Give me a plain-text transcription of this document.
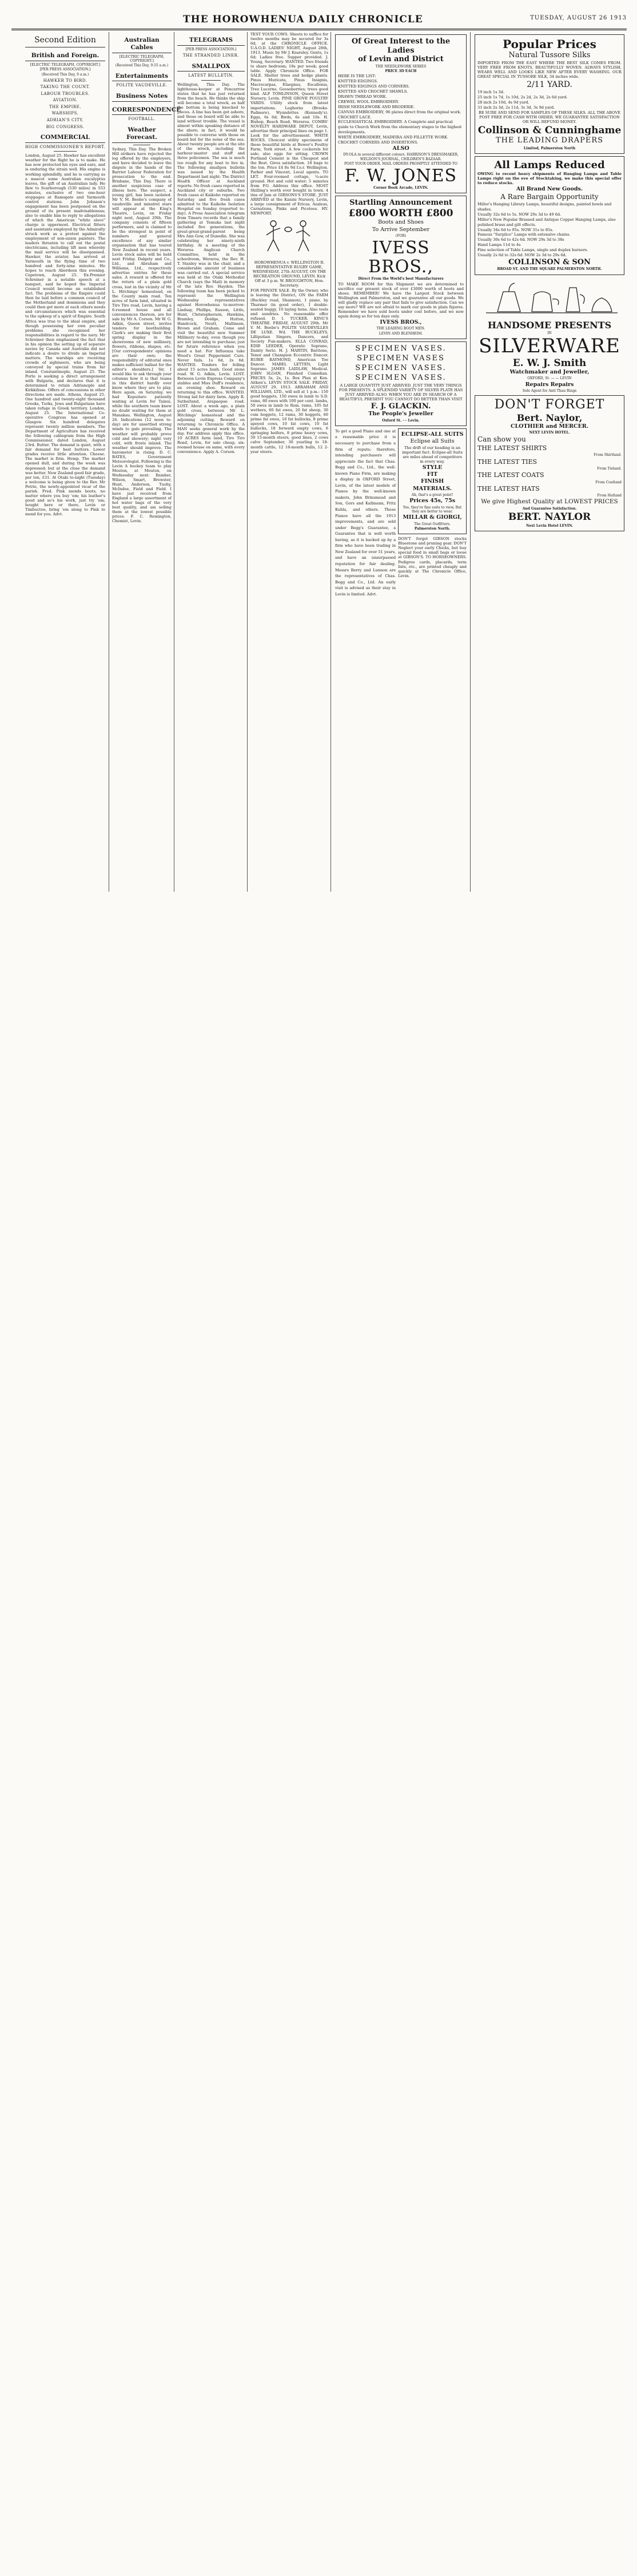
THE HOROWHENUA DAILY CHRONICLE	TUESDAY, AUGUST 26 1913
Second Edition
British and Foreign.
[ELECTRIC TELEGRAPH, COPYRIGHT.]
[PER PRESS ASSOCIATION.]
(Received This Day, 9 a.m.)
HAWKER TO BIRD.
TAKING THE COUNT.
LABOUR TROUBLES.
AVIATION.
THE EMPIRE.
WARSHIPS.
ADRIAN'S CITY.
BIG CONGRESS.
COMMERCIAL
HIGH COMMISSIONER'S REPORT.

London, August 25. Hawker has excellent weather for the flight he is to make. He has now protected his eyes and ears, and is enduring the strain well. His engine is working splendidly, and he is carrying as a mascot some Australian eucalyptus leaves, the gift of an Australian lady. He flew to Scarborough (530 miles) in 553 minutes, exclusive of two one-hour stoppages at Ramsgate and Yarmouth control stations. John Johnson's engagement has been postponed on the ground of its present inadvisableness; also to enable him to reply to allegations of which the American "white slave" charge is uppermost. Electrical fitters and assistants employed by the Admiralty struck work as a protest against the employment of non-union painters. The leaders threaten to call out the postal electricians, including lift men whereby the mail service will be disorganised. Hawker, the aviator, has arrived at Yarmouth in the flying time of two hundred and forty-nine minutes. He hopes to reach Aberdeen this evening. Capetown, August 25. Ex-Premier Schreiner in a notable speech at a banquet, said he hoped the Imperial Council would become an established fact. The problems of the Empire could then be laid before a common council of the Motherland and dominions and they could then get more at each others needs and circumstances which was essential to the upkeep of a spirit of Empire. South Africa was true to the ideal empire, and though possessing her own peculiar problems she recognised her responsibilities in regard to the navy. Mr Schreiner then emphasised the fact that in his opinion the setting up of separate navies by Canada and Australia did not indicate a desire to divide an Imperial matters. The warships are receiving crowds of sightseers, who are being conveyed by special trains from far inland. Constantinople, August 25. The Porte is seeking a direct arrangement with Bulgaria, and declares that it is determined to retain Adrianople and Kirkkilisse. Offers of concessions in other directions are made. Athens, August 25. One hundred and twenty-eight thousand Greeks, Turks, Jews and Bulgarians have taken refuge in Greek territory. London, August 25. The International Co-operative Congress has opened at Glasgow. Six hundred delegates represent twenty million members. The Department of Agriculture has received the following cablegram from the High Commissioner, dated London, August 23rd. Butter. The demand is quiet, with a fair demand for best butters. Lower grades receive little attention. Cheese. The market is firm. Hemp. The market opened dull, and during the week was depressed; but at the close the demand was better. New Zealand good fair grade, per ton, £31. At Otaki to-night (Tuesday) a welcome is being given to the Rev. Mr Petrie, the newly-appointed vicar of the parish. Fred. Pink mends boots, no matter where you buy 'em; his leather's good and so's his work, just try 'em; bought here or there, Levin or Timbuctoo, bring 'em along to Pink to mend for you. Advt.

Australian Cables
[ELECTRIC TELEGRAPH, COPYRIGHT.]
(Received This Day, 9.55 a.m.)
Entertainments
POLITE VAUDEVILLE.
Business Notes
CORRESPONDENCE
FOOTBALL.
Weather Forecast.

Sydney, This Day. The Broken Hill strikers have rejected the log offered by the employers, and have decided to leave the dispute in the hands of the Barrier Labour Federation for prosecution to the end. Brisbane, This Day. There is another suspicious case of illness here. The suspect, a young girl, has been isolated. Mr V. M. Beebe's company of vaudeville and minstrel stars will appear at the King's Theatre, Levin, on Friday night next, August 29th. The company consists of fifteen performers, and is claimed to be the strongest in point of numbers and general excellence of any similar organisation that has toured New Zealand in recent years. Levin stock sales will be held next Friday. Dalgety and Co., Ltd., and Abraham and Williams, Ltd., respectively advertise entries for these sales. A reward is offered for the return of a plain gold cross, lost in the vicinity of Mr L. Hitchings' homestead, on the County main road. Ten acres of farm land, situated in Tiro Tiro road, Levin, having a 6-roomed house and all conveniences thereon, are for sale by Mr A. Corson. Mr W. G. Adkin, Queen street, invites tenders for bootbuilding. Clark's are making their first spring display in the showrooms of new millinery, flowers, ribbons, shapes, etc. [Our correspondents' opinions are their own; the responsibility of editorial ones makes sufficient ballast for the editor's shoulders.] Sir, I would like to ask through your columns how it is that teams in this district hardly ever know where they are to play. Here again, on Saturday, we had Kopuitaro patiently waiting at Levin for Tainui, while the southern team knew no doubt waiting for them at Manakau. Wellington, August 26. Indications (12 noon to-day) are for unsettled strong winds to gale prevailing. The weather will probably prove cold and showery; night very cold, with frosts inland. The weather should improve. The barometer is rising. D. C. BATES, Government Meteorologist. Following is the Levin A hockey team to play Mouton, at Mouton, on Wednesday next: Bamber, Wilson, Smart, Brewster, Hunt, Anderson, Tuohy, McIndoe, Field and Field. I have just received from England a large assortment of hot water bags of the very best quality, and am selling them at the lowest possible prices. F. C. Remington, Chemist, Levin.

TELEGRAMS
[PER PRESS ASSOCIATION.]
THE STRANDED LINER.
SMALLPOX
LATEST BULLETIN.

Wellington, This Day. The lighthouse-keeper at Pencarrow states that he has just returned from the beach. He thinks the ship will become a total wreck, as half the bottom is being knocked to pieces. A line has been got ashore, and those on board will be able to land without trouble. The vessel is almost within speaking distance of the shore; in fact, it would be possible to converse with those on board but for the noise of the sea. About twenty people are at the site of the wreck, including the harbour-master and staff and three policemen. The sea is much too rough for any boat to live in. The following smallpox bulletin was issued by the Health Department last night: The District Health Officer at Auckland reports: No fresh cases reported in Auckland city or suburbs. Two fresh cases at Kaikohe reported on Saturday and five fresh cases admitted to the Kaikohe Isolation Hospital on Sunday (reported to-day). A Press Association telegram from Timaru records that a family gathering at Temuka last night included five generations, the great-great-grand-parent being Mrs Ann Gow, of Dunedin. She was celebrating her ninety-ninth birthday. At a meeting of the Weraroa Anglican Church Committee, held in the schoolroom, Weraroa, the Rev. H. T. Stanley was in the chair, and a considerable amount of business was carried out. A special service was held at the Otaki Methodist Church (says the Mail) in memory of the late Rev. Hayden. The following team has been picked to represent the Wellington Wednesday representatives against Horowhenua to-morrow: Lindsay, Phillips, Easson, Little, Hunt, Christopherson, Hawkins, Bramley, Doidge, Hutton, Handcock, Neutt, Mallinson, Brown and Graham. Come and visit the beautiful new Summer Millinery to-day, even though you are not intending to purchase; just for future reference when you need a hat. For Influenza take Wood's Great Peppermint Cure. Never fails. 1s 6d, 2s 6d. WANTED. Tenders for felling about 15 acres bush. Good stone road. W. G. Adkin, Levin. LOST. Between Levin Express Company's stables and Miss Duff's residence, an evening shoe. Reward on returning to this office. WANTED. Strong lad for dairy farm. Apply R. Sutherland, Arapaepae road. LOST. About a week ago, a plain gold cross, between Mr L. Hitchings' homestead and the adjoining cutting. Reward on returning to Chronicle Office. A MAN seeks general work by the day. For address apply this office. 10 ACRES farm land, Tiro Tiro Road, Levin, for sale cheap, six-roomed house on same, with every convenience. Apply A. Corson.

TEST YOUR COWS. Sheets to suffice for twelve months may be secured for 3s 6d, at the CHRONICLE OFFICE. U.A.O.D. LADIES' NIGHT, August 28th, 1913. Music by Mr J. Kearsley. Gents, 1s 6d; Ladies free. Supper provided. J. Young, Secretary. WANTED. Two friends to share bedroom; 18s per week; good table. Apply Chronicle Office. FOR SALE. Shelter trees and hedge plants. Pinus Muricata, Pinus Insignis, Macrocarpas, Elaegnus, Escallonia, Tree Lucerne, Gooseberries; trees good kind. ALF TOMLINSON, Queen Street Nursery, Levin. PINE GROVE POULTRY YARDS. Utility stock from latest importations. Leghorns (Brooks-Padmore), Wyandottes (Kennedy's). Eggs, 6s 6d; Birds, 6s and 10s. H. Bishop, Beach Road, Weraroa. COMBS' NOVELTY HARDWARE DEPOT, Levin, advertise their principal lines on page 1. Look for the advertisement. WHITE ROCKS. Choicest utility specimens of these beautiful birds at Bower's Poultry Farm, York street. A few cockerels for sale; also eggs for sitting. CROWN Portland Cement is the Cheapest and the Best. Gives satisfaction. 18 bags to the ton. Price £4 8s 9d f.o.r. Wellington. Parker and Vincent, Local agents. TO LET. Four-roomed cottage, ¼-acre ground. Hot and cold water; 5 minutes from P.O. Address this office. MOST Shilling's worth ever bought in town. 4 tins of Jam at GIBSONS'S STORE. JUST ARRIVED at the Kanini Nursery, Levin, a large consignment of Ericas, Azaleas, Carnations, Pinks and Picotees. HY. NEWPORT.

HOROWHENUA v. WELLINGTON B. REPRESENTATIVE RUGBY GAME, WEDNESDAY, 27th AUGUST, ON THE RECREATION GROUND, LEVIN. Kick Off at 3 p.m. W. BROUGHTON, Hon. Secretary.

FOR PRIVATE SALE. By the Owner, who is leaving the District, ON the FARM (Buckley road, Shannon), 1 piano, by Thurmer (in good order), 1 double-seated buggy, 10 laying hens. Also tools and sundries. No reasonable offer refused. D. I. TUCKER. KING'S THEATRE. FRIDAY, AUGUST 29th. Mr V. M. Beebe's POLITE VAUDEVILLES DE LUXE. Wd. THE BUCKLEYS, Lilliputian Singers, Dancers, and Society Fun-makers. ELLA CONRAD, EDIE LEEDER, Operatic Soprano, Dainty Serio. H. J. MARTIN, Baritone, Tenor and Champion Eccentric Dancer. RUBIE RAYMOND, American Toe Dancer. MABEL LETTEN, Light Soprano. JAMES LAIDLAW, Medical. JOHN SLOAN, Finished Comedian. PRICES 3s, 2s, 1s. Box Plan at Ken. Aitken's. LEVIN STOCK SALE. FRIDAY, AUGUST 29, 1913. ABRAHAM AND WILLIAMS, LTD., will sell at 1 p.m.: 150 good hoggets, 150 ewes in lamb to S.D. rams, 80 ewes with 100 per cent. lambs, 50 ewes in lamb to Rom. rams, 105 fat wethers, 60 fat ewes, 20 fat sheep, 30 com hoggets, 12 rams, 30 hoggets, 60 prime fat ewes, 16 fat bullocks, 8 prime speyed cows, 10 fat cows, 10 fat bullocks, 18 forward empty cows, 6 springing heifers, 8 prime heavy cows, 50 15-month steers, good lines, 2 cows calve September, 30 yearling to 18-month cattle, 12 18-month bulls, 12 2-year steers.

Of Great Interest to the Ladies
of Levin and District
THE NEEDLEWORK SERIES
PRICE 3D EACH
HERE IS THE LIST:
KNITTED EDGINGS.
KNITTED EDGINGS AND CORNERS.
KNITTED AND CROCHET SHAWLS.
DRAWN THREAD WORK.
CREWEL WOOL EMBROIDERY.
IRISH NEEDLEWORK AND BRODERIE.
CANVAS EMBROIDERY, 96 plates direct from the original work.
CROCHET LACE.
ECCLESIASTICAL EMBROIDERY. A Complete and practical guide to Church Work from the elementary stages to the highest developments.
WHITE EMBROIDERY, MADEIRA AND FILLETTE WORK.
CROCHET CORNERS AND INSERTIONS.
ALSO
DY-OLA in several different colours. HARRISON'S DRESSMAKER, WELDON'S JOURNAL, CHILDREN'S BAZAAR.
POST YOUR ORDER. MAIL ORDERS PROMPTLY ATTENDED TO
F. W. JONES
Corner Book Arcade, LEVIN.
Startling Announcement
£800 WORTH £800
Boots and Shoes
To Arrive September
(FOR)
IVESS BROS.,
Direct From the World's best Manufacturers

TO MAKE ROOM for this Shipment we are determined to sacrifice our present stock of over £3000 worth of boots and shoes. REMEMBER! We have the Largest Stock between Wellington and Palmerston, and we guarantee all our goods. We will gladly replace any pair that fails to give satisfaction. Can we say more? WE are not afraid to mark our goods in plain figures. Remember we have sold boots under cost before, and we now again doing so for ten days only.

IVESS BROS.,
THE LEADING BOOT MEN.
LEVIN AND BLENHEIM.
SPECIMEN VASES.
SPECIMEN VASES
SPECIMEN VASES.
SPECIMEN VASES.

A LARGE QUANTITY JUST ARRIVED. JUST THE VERY THINGS FOR PRESENTS. A SPLENDID VARIETY OF SILVER PLATE HAS JUST ARRIVED ALSO. WHEN YOU ARE IN SEARCH OF A BEAUTIFUL PRESENT YOU CANNOT DO BETTER THAN VISIT

F. J. GLACKIN.
The People's Jeweller
Oxford St. - - Levin.

To get a good Piano and one at a reasonable price it is necessary to purchase from a firm of repute; therefore, intending purchasers will appreciate the fact that Chas. Begg and Co., Ltd., the well-known Piano Firm, are making a display in OXFORD Street, Levin, of the latest models of Pianos by the well-known makers, John Brinsmead and Son, Gors and Kallmann, Fritz Kuhla, and others. These Pianos have all the 1913 improvements, and are sold under Begg's Guarantee, a Guarantee that is well worth having, as it is backed up by a firm who have been trading in New Zealand for over 51 years, and have an unsurpassed reputation for fair dealing. Messrs Berry and Lunnon are the representatives of Chas. Begg and Co., Ltd. An early visit is advised as their stay in Levin is limited. Advt.

ECLIPSE-ALL SUITS
Eclipse all Suits

The drift of our heading is an important fact. Eclipse-all Suits are miles ahead of competitors in every way.

STYLE
FIT
FINISH
MATERIALS.
Ah, that's a great point!
Prices 45s, 75s
Yes, they're fine suits to view, But they are better to wear.
MILLAR & GIORGI,
The Great Outfitters.
Palmerston North.

DON'T forget GIBSON stocks Bluestone and pruning gear. DON'T Neglect your early Chicks, but buy special food in small bags or loose at GIBSON'S. TO HORSEOWNERS. Pedigree cards, placards, term lists, etc., are printed cheaply and quickly at The Chronicle Office, Levin.

Popular Prices
Natural Tussore Silks

IMPORTED FROM THE EAST WHERE THE BEST SILK COMES FROM. VERY FREE FROM KNOTS, BEAUTIFULLY WOVEN. ALWAYS STYLISH, WEARS WELL AND LOOKS LIKE NEW AFTER EVERY WASHING. OUR GREAT SPECIAL IN TUSSORE SILK, 34 inches wide.

2/11 YARD.
19 inch 1s 3d.
25 inch 1s 7d, 1s 10d, 2s 2d, 2s 3d, 2s 6d yard.
28 inch 2s 10d, 4s 9d yard.
31 inch 2s 3d, 2s 11d, 3s 3d, 3s 9d yard.

BE SURE AND SEND FOR SAMPLES OF THESE SILKS. ALL THE ABOVE POST FREE FOR CASH WITH ORDER. WE GUARANTEE SATISFACTION OR WILL REFUND MONEY.

Collinson & Cunninghame
THE LEADING DRAPERS
Limited, Palmerston North
All Lamps Reduced

OWING to recent heavy shipments of Hanging Lamps and Table Lamps right on the eve of Stocktaking, we make this special offer to reduce stocks.

All Brand New Goods.
A Rare Bargain Opportunity
Miller's Hanging Library Lamps, beautiful designs, painted bowls and shades.
Usually 32s 6d to 5s. NOW 29s 3d to 49 6d.
Miller's New Popular Brassed and Antique Copper Hanging Lamps, also polished brass and gilt effects.
Usually 34s 6d to 95s. NOW 31s to 85s.
Famous "Surplice" Lamps with extensive chains.
Usually 30s 6d to 42s 6d. NOW 29s 3d to 38s
Hand Lamps 11d to 4s
Fine selection of Table Lamps, single and duplex burners.
Usually 2s 6d to 32s 6d. NOW 2s 3d to 29s 6d.
COLLINSON & SON
BROAD ST. AND THE SQUARE PALMERSTON NORTH.
HANDSOME PRESENTS
IN
SILVERWARE
E. W. J. Smith
Watchmaker and Jeweller,
OXFORD, St. — — LEVIN
Repairs Repairs
Sole Agent for Anti Thau Rings
DON'T FORGET
Bert. Naylor,
CLOTHIER and MERCER.
NEXT LEVIN HOTEL.
Can show you
THE LATEST SHIRTS
From Shirtland.
THE LATEST TIES
From Tieland.
THE LATEST COATS
From Coatland
THE LATEST HATS
From Hatland
We give Highest Quality at LOWEST PRICES
And Guarantee Satisfaction.
BERT. NAYLOR
Next Levin Hotel LEVIN.
